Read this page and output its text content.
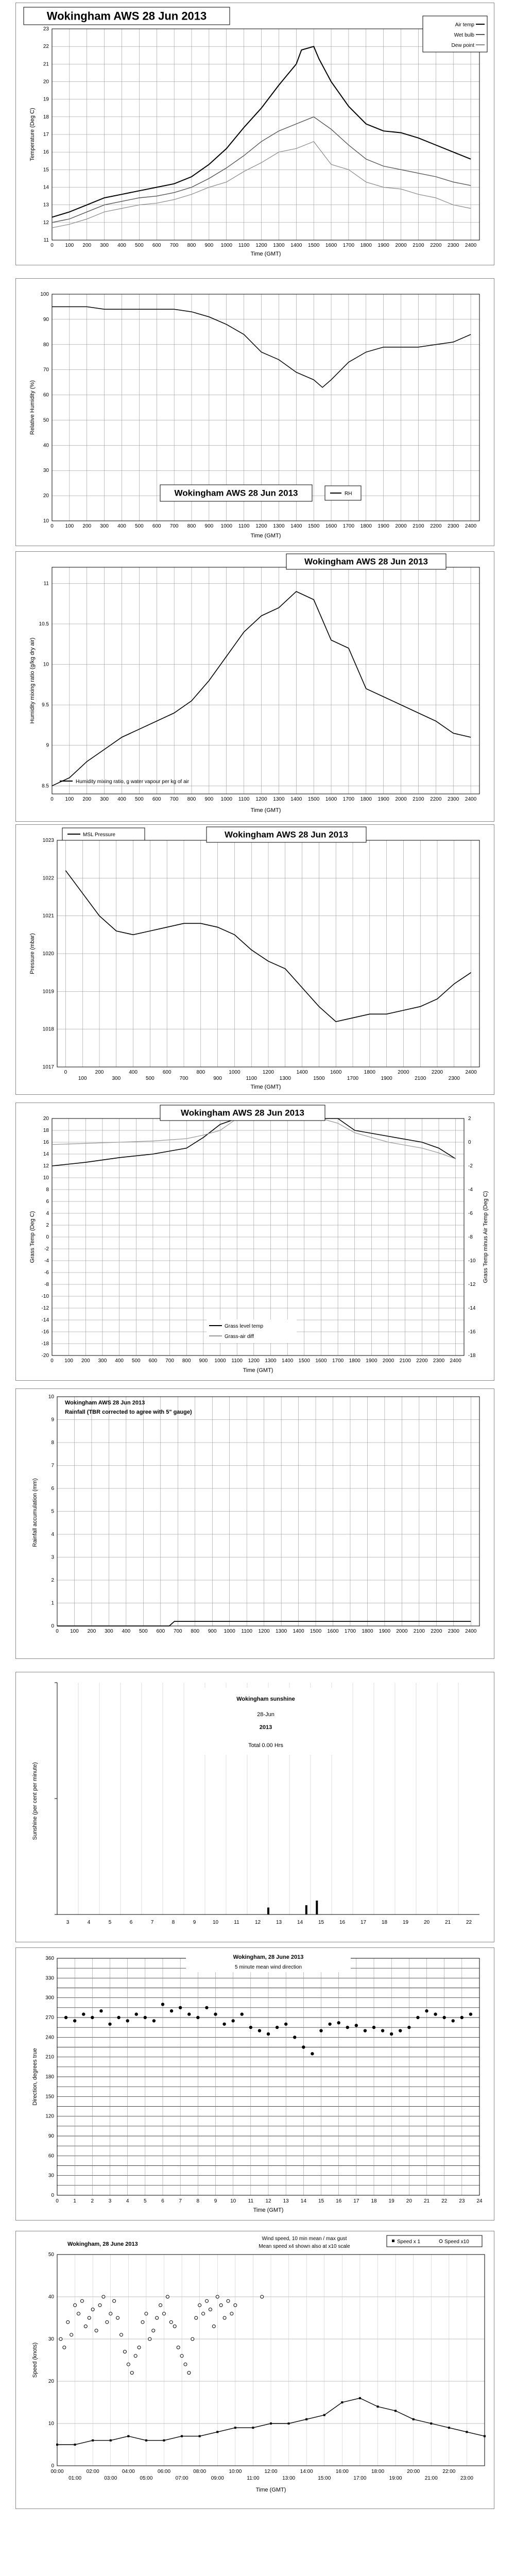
11
12
13
14
15
16
17
18
19
20
21
22
23
0 100 200 300 400 500 600 700 800 900 1000 1100 1200 1300 1400 1500 1600 1700 1800 1900 2000 2100 2200 2300 2400
Wokingham AWS 28 Jun 2013
Temperature (Deg C)
Time (GMT)
Air temp
Wet bulb
Dew point
10
20
30
40
50
60
70
80
90
100
0 100 200 300 400 500 600 700 800 900 1000 1100 1200 1300 1400 1500 1600 1700 1800 1900 2000 2100 2200 2300 2400
Wokingham AWS 28 Jun 2013	RH
Relative Humidity (%)
Time (GMT)
8.5
9
9.5
10
10.5
11
0 100 200 300 400 500 600 700 800 900 1000 1100 1200 1300 1400 1500 1600 1700 1800 1900 2000 2100 2200 2300 2400
Wokingham AWS 28 Jun 2013
Humidity mixing ratio, g water vapour per kg of air
Humidity mixing ratio (g/kg dry air)
Time (GMT)
1017
1018
1019
1020
1021
1022
1023
0
100
200
300
400
500
600
700
800
900
1000
1100
1200
1300
1400
1500
1600
1700
1800
1900
2000
2100
2200
2300
2400
MSL Pressure	Wokingham AWS 28 Jun 2013
Pressure (mbar)
Time (GMT)
-20
-18
-16
-14
-12
-10
-8
-6
-4
-2
0
2
4
6
8
10
12
14
16
18
20
-18
-16
-14
-12
-10
-8
-6
-4
-2
0
2
0 100 200 300 400 500 600 700 800 900 1000 1100 1200 1300 1400 1500 1600 1700 1800 1900 2000 2100 2200 2300 2400
Wokingham AWS 28 Jun 2013
Grass level temp
Grass-air diff
Grass Temp (Deg C)	Grass Temp minus Air Temp (Deg C)
Time (GMT)
0
1
2
3
4
5
6
7
8
9
10
0 100 200 300 400 500 600 700 800 900 1000 1100 1200 1300 1400 1500 1600 1700 1800 1900 2000 2100 2200 2300 2400
Wokingham AWS 28 Jun 2013
Rainfall (TBR corrected to agree with 5" gauge)
Rainfall accumulation (mm)
3	4	5	6	7	8	9	10	11	12	13	14	15	16	17	18	19	20	21	22
Wokingham sunshine
28-Jun
2013
Total 0.00 Hrs
Sunshine (per cent per minute)
0
30
60
90
120
150
180
210
240
270
300
330
360
0	1	2	3	4	5	6	7	8	9	10 11 12 13 14 15 16 17 18 19 20 21 22 23 24
Wokingham, 28 June 2013
5 minute mean wind direction
Direction, degrees true
Time (GMT)
0
10
20
30
40
50
00:00	02:00	04:00	06:00	08:00	10:00	12:00	14:00	16:00	18:00	20:00	22:00
01:00	03:00	05:00	07:00	09:00	11:00	13:00	15:00	17:00	19:00	21:00	23:00
Wokingham, 28 June 2013
Wind speed, 10 min mean / max gust
Mean speed x4 shown also at x10 scale
Speed x 1	Speed x10
Speed (knots)
Time (GMT)
